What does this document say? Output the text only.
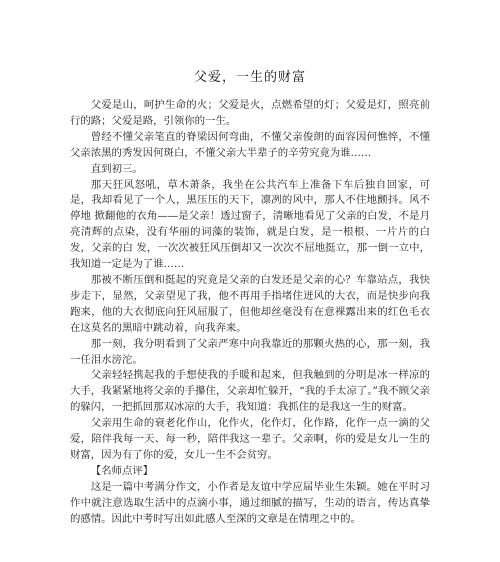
父爱，一生的财富

父爱是山，呵护生命的火；父爱是火，点燃希望的灯；父爱是灯，照亮前行的路；父爱是路，引领你的一生。

曾经不懂父亲笔直的脊梁因何弯曲，不懂父亲俊朗的面容因何憔悴，不懂父亲浓黑的秀发因何斑白，不懂父亲大半辈子的辛劳究竟为谁……

直到初三。

那天狂风怒吼，草木萧条，我坐在公共汽车上准备下车后独自回家，可是，我却看见了一个人，黑压压的天下，凛冽的风中，那人不住地颤抖。风不停地 掀翻他的衣角——是父亲！透过窗子，清晰地看见了父亲的白发，不是月亮清辉的点染，没有华丽的词藻的装饰，就是白发，是一根根、一片片的白发，父亲的白 发，一次次被狂风压倒却又一次次不屈地挺立，那一倒一立中，我知道一定是为了谁……

那被不断压倒和挺起的究竟是父亲的白发还是父亲的心？车靠站点，我快步走下，显然，父亲望见了我，他不再用手指堵住迸风的大衣，而是快步向我跑来，他的大衣彻底向狂风屈服了，但他却丝毫没有在意裸露出来的红色毛衣在这莫名的黑暗中跳动着，向我奔来。

那一刻，我分明看到了父亲严寒中向我靠近的那颗火热的心，那一刻，我一任泪水滂沱。

父亲轻轻携起我的手想使我的手暖和起来，但我触到的分明是冰一样凉的大手，我紧紧地将父亲的手攥住，父亲却忙躲开，“我的手太凉了。”我不顾父亲的躲闪，一把抓回那双冰凉的大手，我知道：我抓住的是我这一生的财富。

父亲用生命的衰老化作山，化作火，化作灯，化作路，化作一点一滴的父爱，陪伴我每一天、每一秒，陪伴我这一辈子。父亲啊，你的爱是女儿一生的财富，因为有了你的爱，女儿一生不会贫穷。

【名师点评】

这是一篇中考满分作文，小作者是友谊中学应届毕业生朱颖。她在平时习作中就注意选取生活中的点滴小事，通过细腻的描写，生动的语言，传达真挚的感情。因此中考时写出如此感人至深的文章是在情理之中的。
